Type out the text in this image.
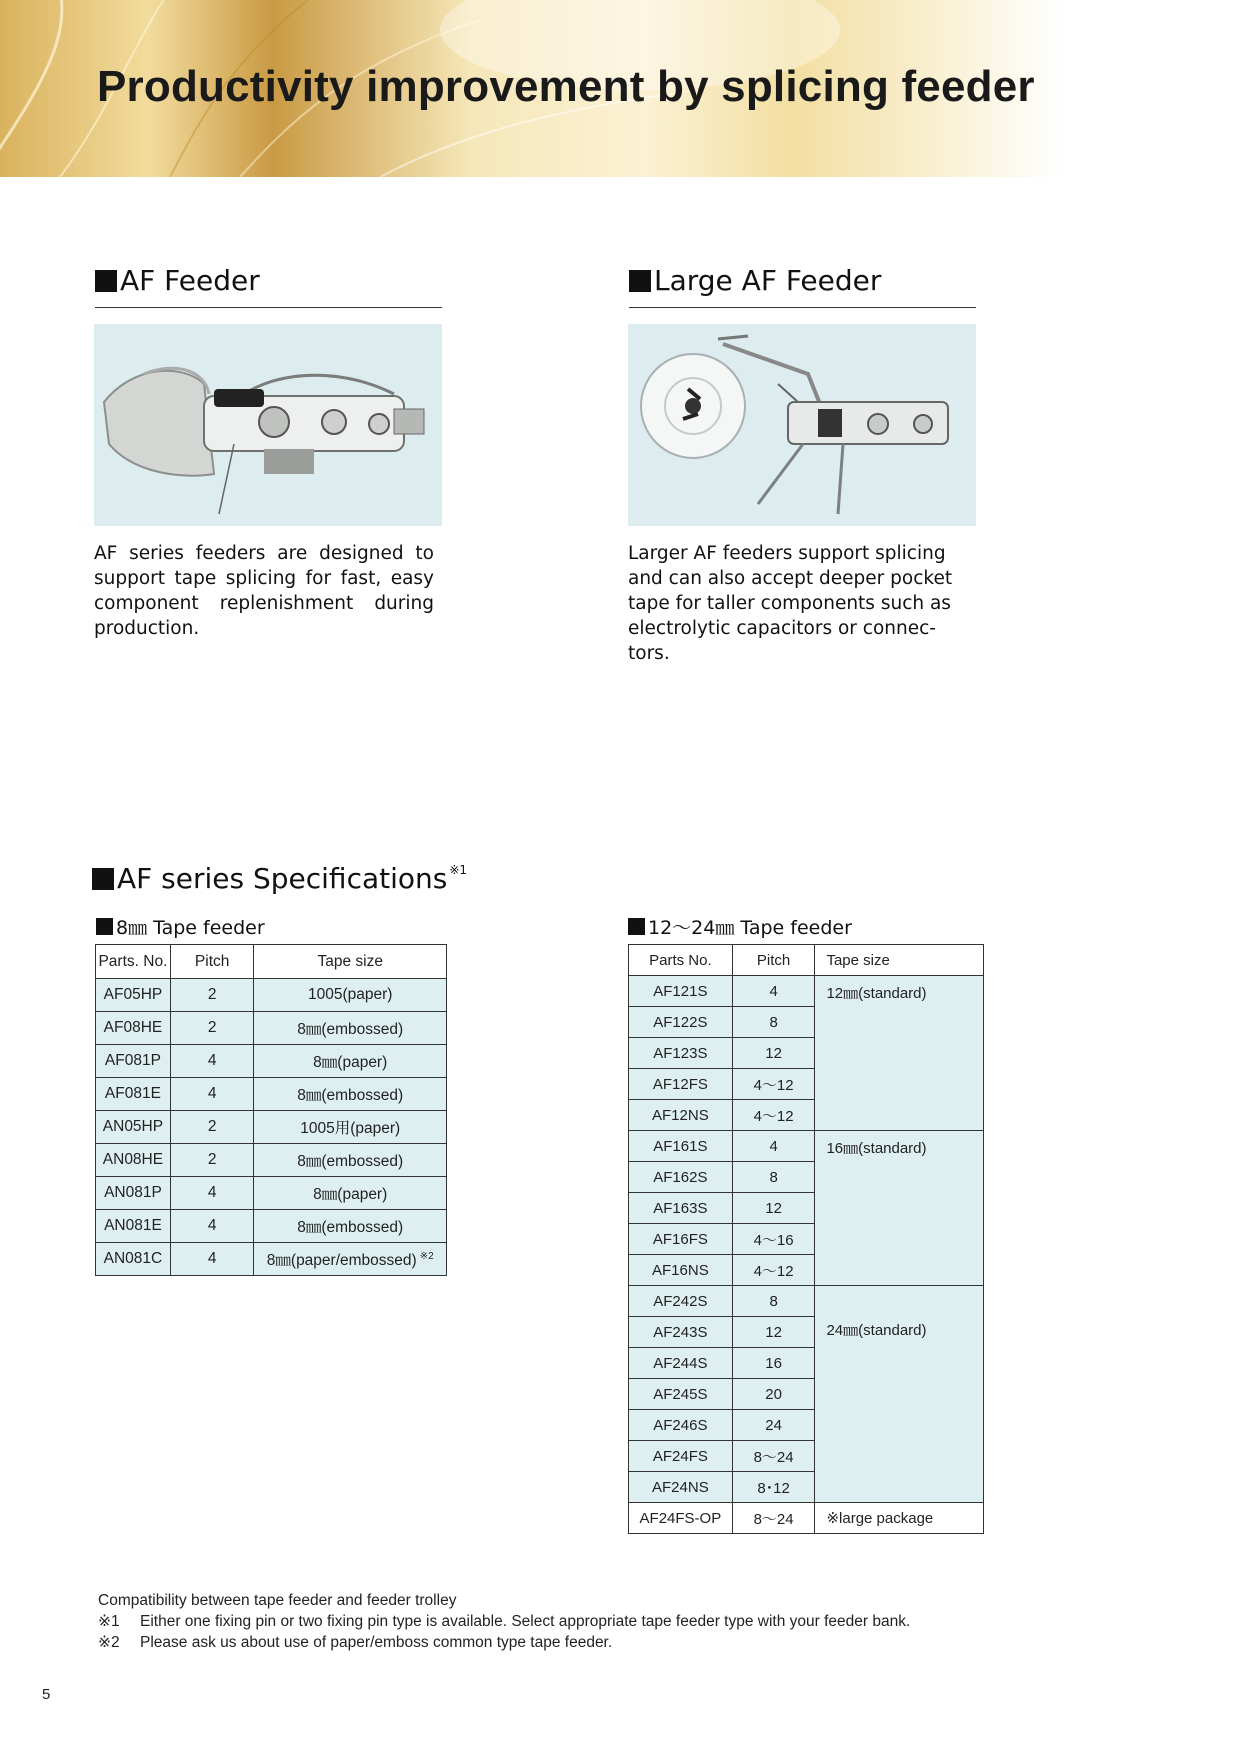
Productivity improvement by splicing feeder
AF Feeder

AF series feeders are designed to support tape splicing for fast, easy component replenishment during production.

Large AF Feeder

Larger AF feeders support splicing and can also accept deeper pocket tape for taller components such as electrolytic capacitors or connec-tors.

AF series Specifications $^{※1}$
8㎜ Tape feeder	12～24㎜ Tape feeder
Parts. No.	Pitch	Tape size
AF05HP	2	1005(paper)
AF08HE	2	8㎜(embossed)
AF081P	4	8㎜(paper)
AF081E	4	8㎜(embossed)
AN05HP	2	1005用(paper)
AN08HE	2	8㎜(embossed)
AN081P	4	8㎜(paper)
AN081E	4	8㎜(embossed)
AN081C	4	8㎜(paper/embossed) $^{※2}$
Parts No.	Pitch	Tape size
AF121S	4	12㎜(standard)
AF122S	8	
AF123S	12	
AF12FS	4～12	
AF12NS	4～12	
AF161S	4	16㎜(standard)
AF162S	8	
AF163S	12	
AF16FS	4～16	
AF16NS	4～12	
AF242S	8	24㎜(standard)
AF243S	12	
AF244S	16	
AF245S	20	
AF246S	24	
AF24FS	8～24	
AF24NS	8･12	
AF24FS-OP	8～24	※large package
Compatibility between tape feeder and feeder trolley
※1 Either one fixing pin or two fixing pin type is available. Select appropriate tape feeder type with your feeder bank.
※2 Please ask us about use of paper/emboss common type tape feeder.
5
